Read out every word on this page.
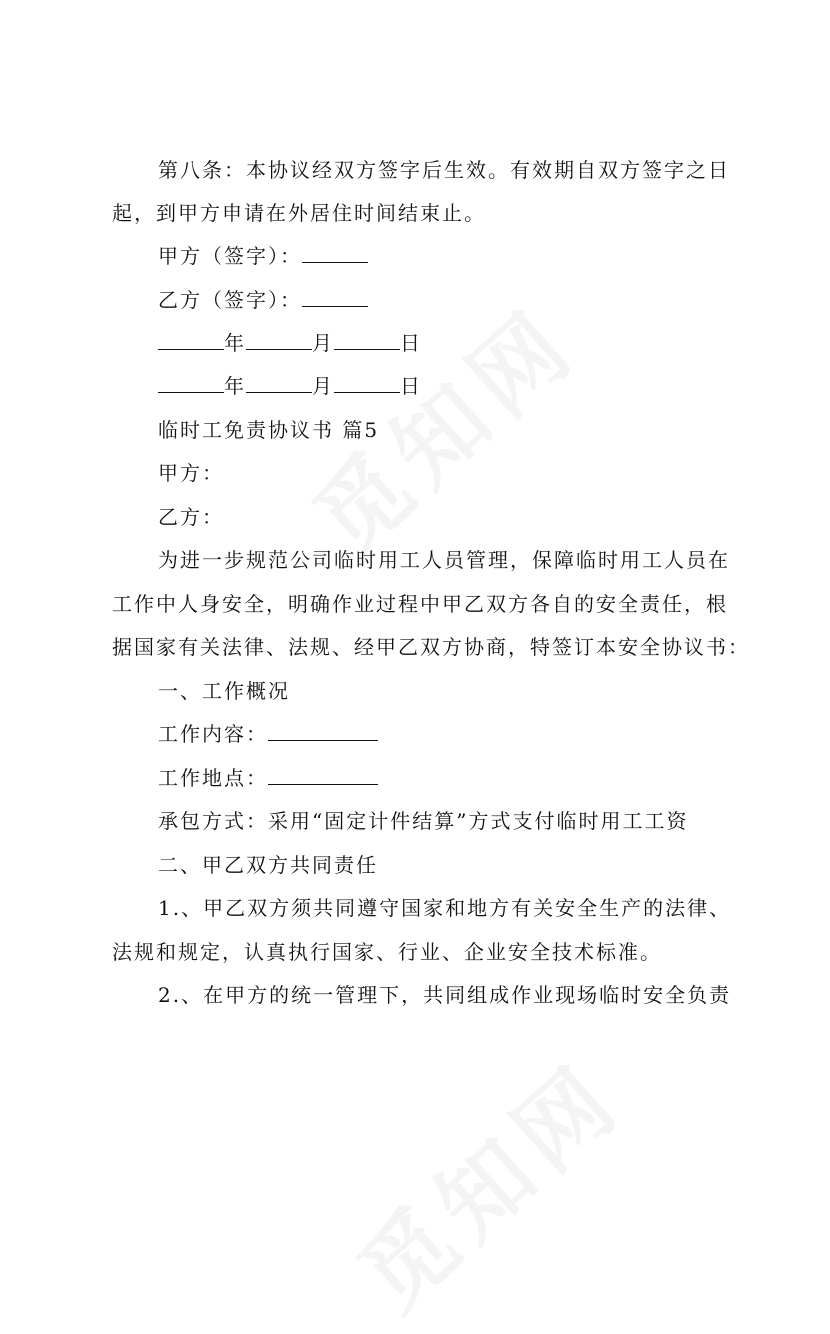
第八条：本协议经双方签字后生效。有效期自双方签字之日
起，到甲方申请在外居住时间结束止。
甲方（签字）：
乙方（签字）：
年	月	日
年	月	日
临时工免责协议书 篇5
甲方：
乙方：
为进一步规范公司临时用工人员管理，保障临时用工人员在
工作中人身安全，明确作业过程中甲乙双方各自的安全责任，根
据国家有关法律、法规、经甲乙双方协商，特签订本安全协议书：
一、工作概况
工作内容：
工作地点：
承包方式：采用“固定计件结算”方式支付临时用工工资
二、甲乙双方共同责任
1.、甲乙双方须共同遵守国家和地方有关安全生产的法律、
法规和规定，认真执行国家、行业、企业安全技术标准。
2.、在甲方的统一管理下，共同组成作业现场临时安全负责
